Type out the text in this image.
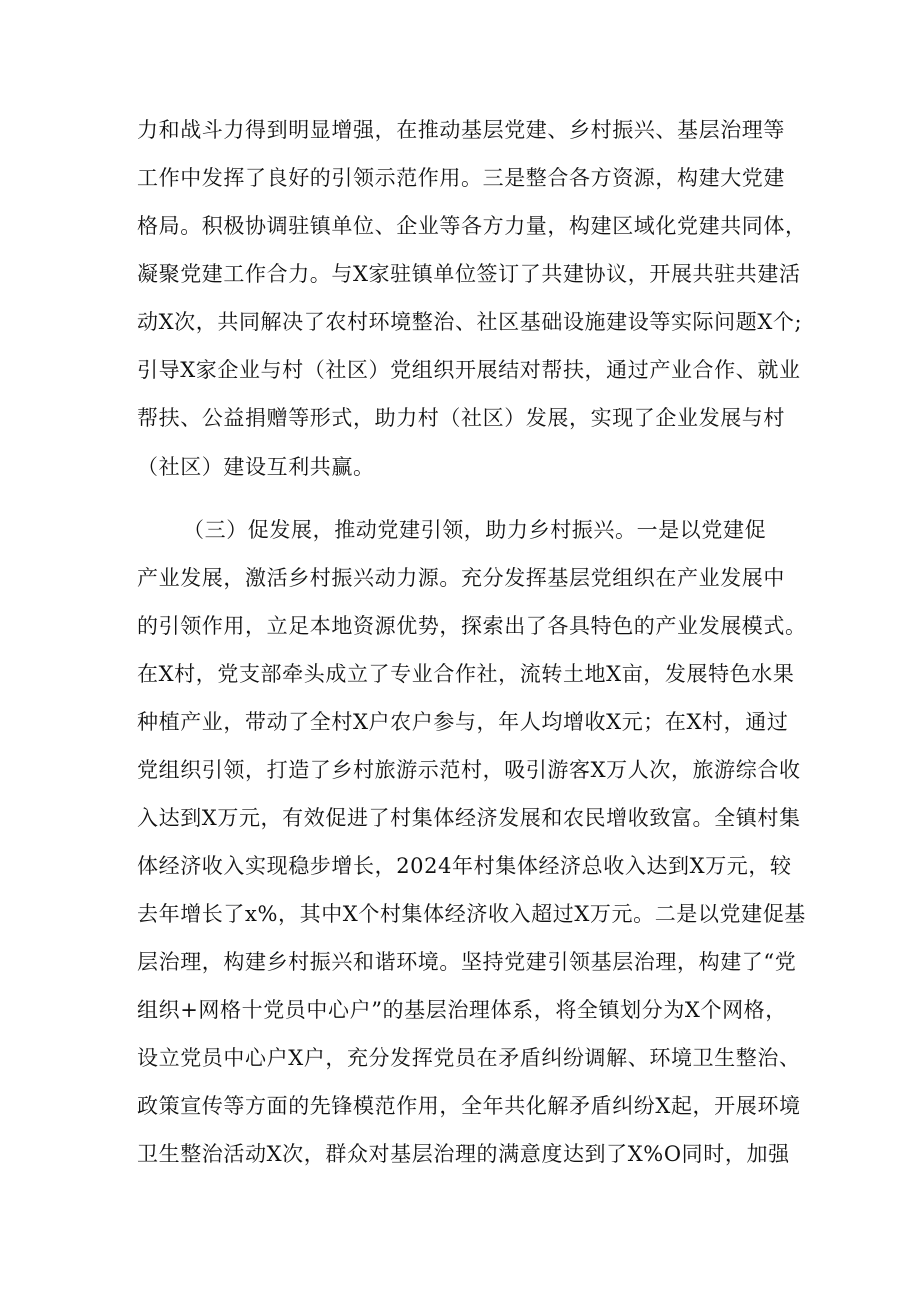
力和战斗力得到明显增强，在推动基层党建、乡村振兴、基层治理等
工作中发挥了良好的引领示范作用。三是整合各方资源，构建大党建
格局。积极协调驻镇单位、企业等各方力量，构建区域化党建共同体，
凝聚党建工作合力。与X家驻镇单位签订了共建协议，开展共驻共建活
动X次，共同解决了农村环境整治、社区基础设施建设等实际问题X个;
引导X家企业与村（社区）党组织开展结对帮扶，通过产业合作、就业
帮扶、公益捐赠等形式，助力村（社区）发展，实现了企业发展与村
（社区）建设互利共赢。
（三）促发展，推动党建引领，助力乡村振兴。一是以党建促
产业发展，激活乡村振兴动力源。充分发挥基层党组织在产业发展中
的引领作用，立足本地资源优势，探索出了各具特色的产业发展模式。
在X村，党支部牵头成立了专业合作社，流转土地X亩，发展特色水果
种植产业，带动了全村X户农户参与，年人均增收X元；在X村，通过
党组织引领，打造了乡村旅游示范村，吸引游客X万人次，旅游综合收
入达到X万元，有效促进了村集体经济发展和农民增收致富。全镇村集
体经济收入实现稳步增长，2024年村集体经济总收入达到X万元，较
去年增长了x%，其中X个村集体经济收入超过X万元。二是以党建促基
层治理，构建乡村振兴和谐环境。坚持党建引领基层治理，构建了“党
组织+网格十党员中心户”的基层治理体系，将全镇划分为X个网格，
设立党员中心户X户，充分发挥党员在矛盾纠纷调解、环境卫生整治、
政策宣传等方面的先锋模范作用，全年共化解矛盾纠纷X起，开展环境
卫生整治活动X次，群众对基层治理的满意度达到了X%O同时，加强
